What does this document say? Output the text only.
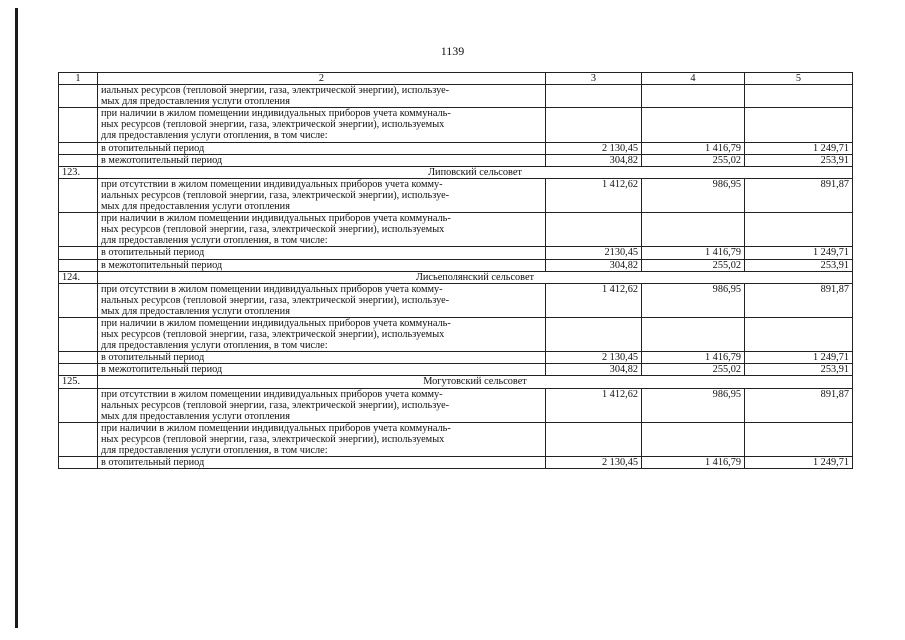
1139
1	2	3	4	5

	иальных ресурсов (тепловой энергии, газа, электрической энергии), используе-
мых для предоставления услуги отопления			

	при наличии в жилом помещении индивидуальных приборов учета коммуналь-
ных ресурсов (тепловой энергии, газа, электрической энергии), используемых
для предоставления услуги отопления, в том числе:			

	в отопительный период	2 130,45	1 416,79	1 249,71

	в межотопительный период	304,82	255,02	253,91
123.	Липовский сельсовет			

	при отсутствии в жилом помещении индивидуальных приборов учета комму-
иальных ресурсов (тепловой энергии, газа, электрической энергии), используе-
мых для предоставления услуги отопления	1 412,62	986,95	891,87

	при наличии в жилом помещении индивидуальных приборов учета коммуналь-
ных ресурсов (тепловой энергии, газа, электрической энергии), используемых
для предоставления услуги отопления, в том числе:			

	в отопительный период	2130,45	1 416,79	1 249,71

	в межотопительный период	304,82	255,02	253,91
124.	Лисьеполянский сельсовет			

	при отсутствии в жилом помещении индивидуальных приборов учета комму-
нальных ресурсов (тепловой энергии, газа, электрической энергии), используе-
мых для предоставления услуги отопления	1 412,62	986,95	891,87

	при наличии в жилом помещении индивидуальных приборов учета коммуналь-
ных ресурсов (тепловой энергии, газа, электрической энергии), используемых
для предоставления услуги отопления, в том числе:			

	в отопительный период	2 130,45	1 416,79	1 249,71

	в межотопительный период	304,82	255,02	253,91
125.	Могутовский сельсовет			

	при отсутствии в жилом помещении индивидуальных приборов учета комму-
нальных ресурсов (тепловой энергии, газа, электрической энергии), используе-
мых для предоставления услуги отопления	1 412,62	986,95	891,87

	при наличии в жилом помещении индивидуальных приборов учета коммуналь-
ных ресурсов (тепловой энергии, газа, электрической энергии), используемых
для предоставления услуги отопления, в том числе:			

	в отопительный период	2 130,45	1 416,79	1 249,71
